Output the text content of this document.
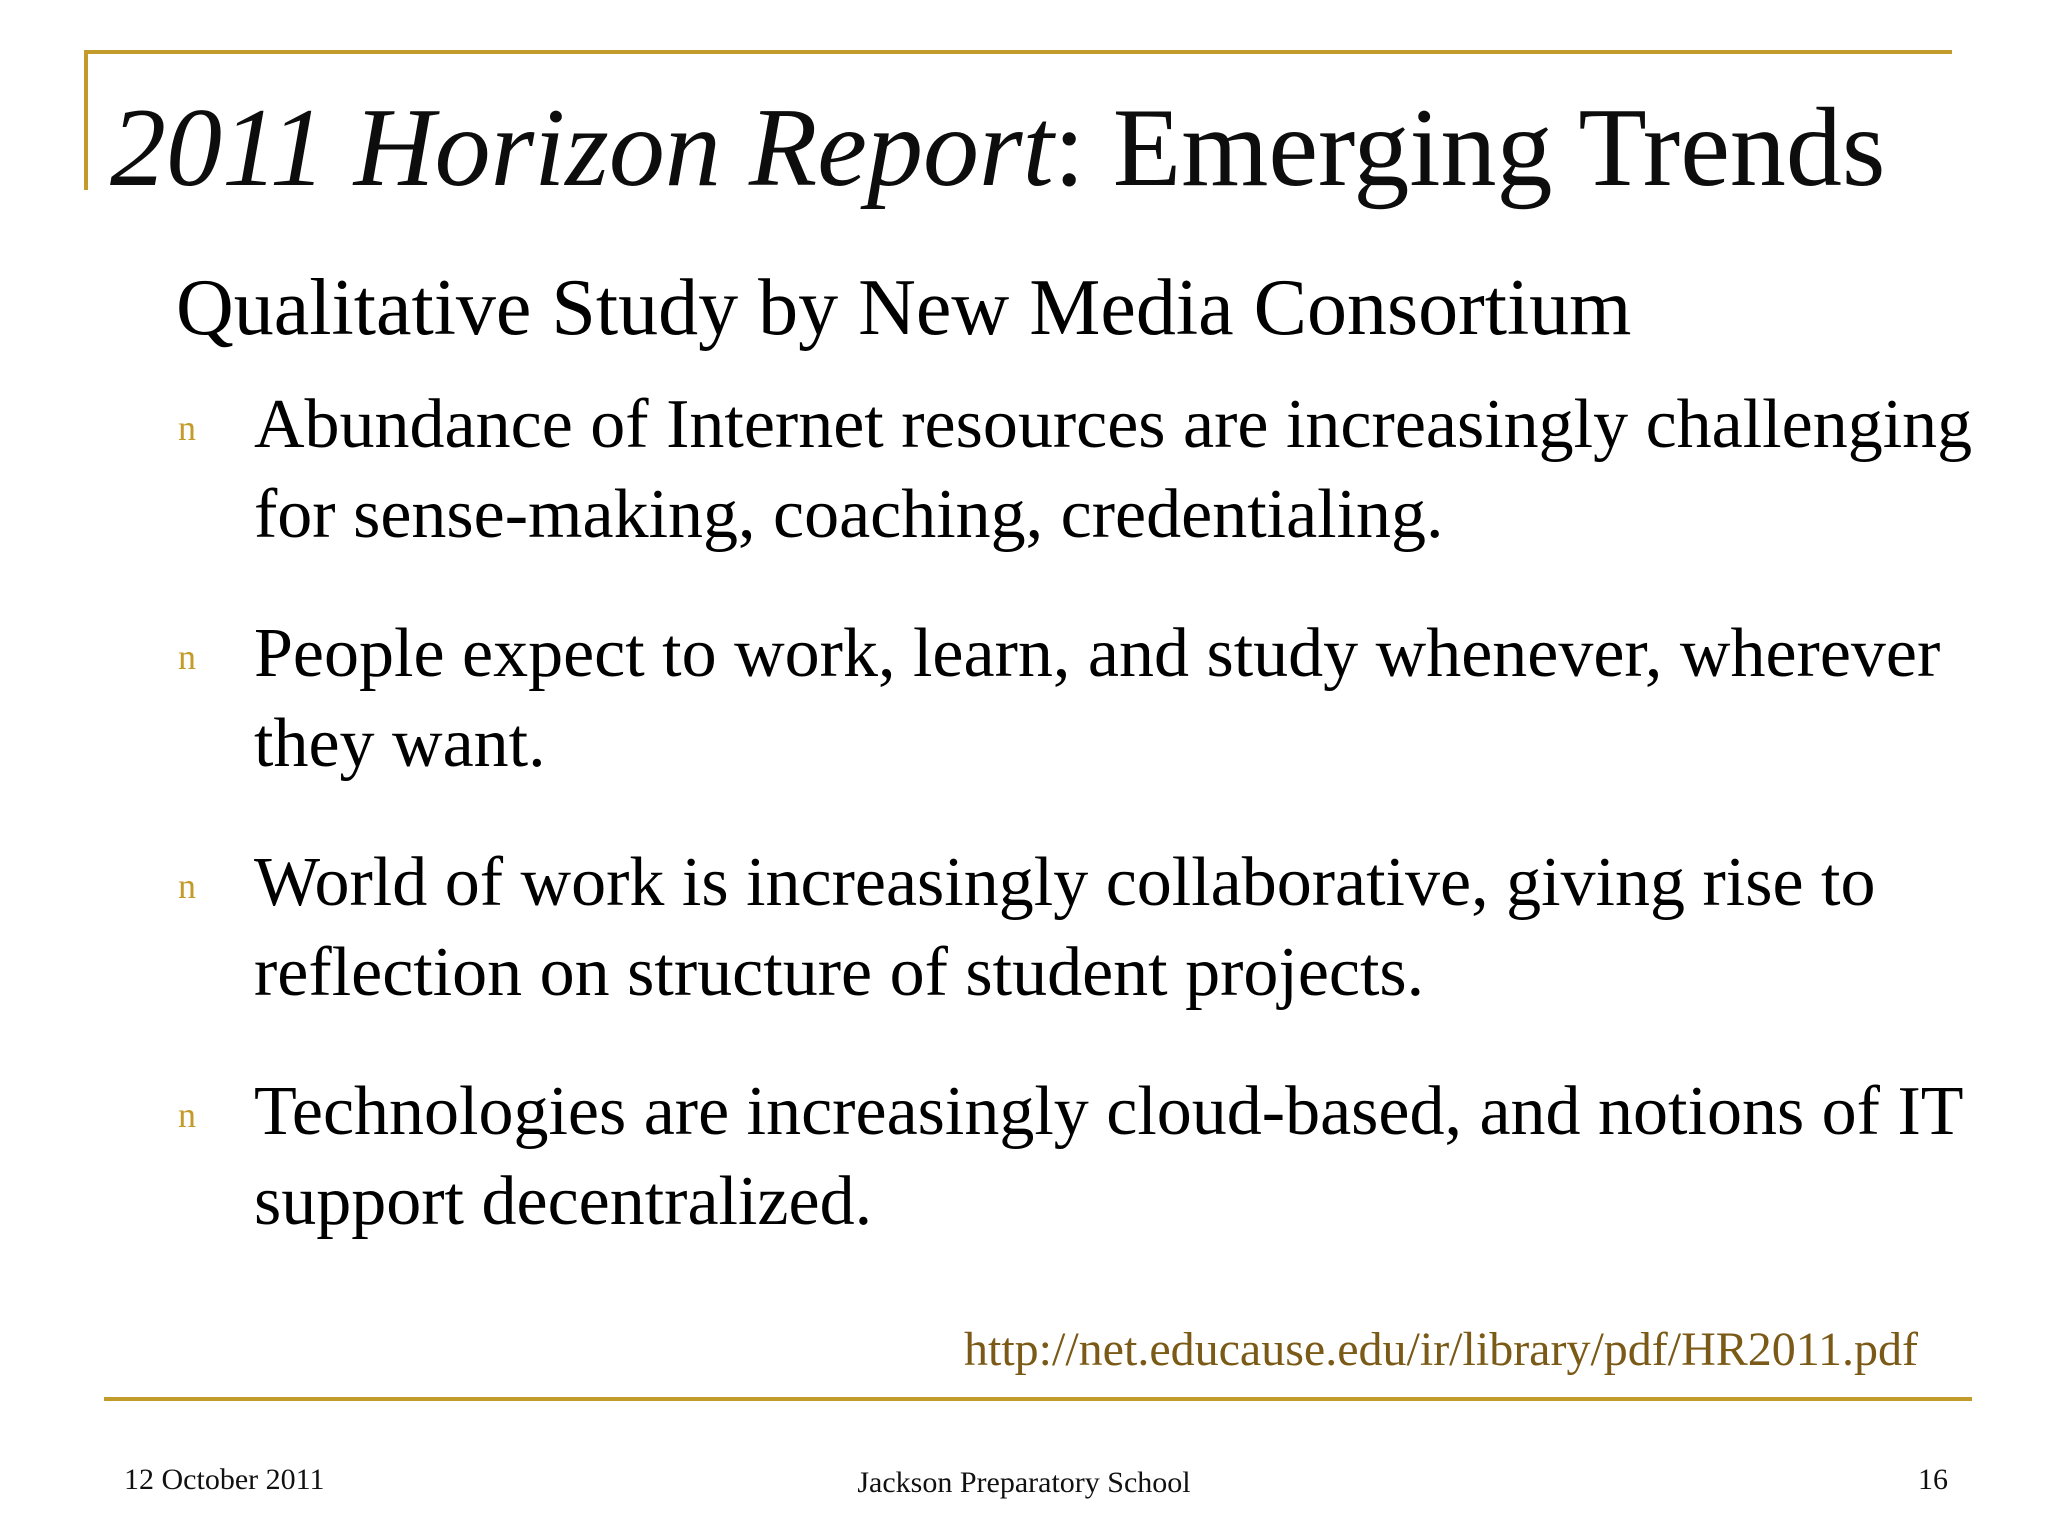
2011 Horizon Report: Emerging Trends
Qualitative Study by New Media Consortium
n Abundance of Internet resources are increasingly challenging for sense-making, coaching, credentialing.
n People expect to work, learn, and study whenever, wherever they want.
n World of work is increasingly collaborative, giving rise to reflection on structure of student projects.
n Technologies are increasingly cloud-based, and notions of IT support decentralized.
http://net.educause.edu/ir/library/pdf/HR2011.pdf
12 October 2011	Jackson Preparatory School	16
